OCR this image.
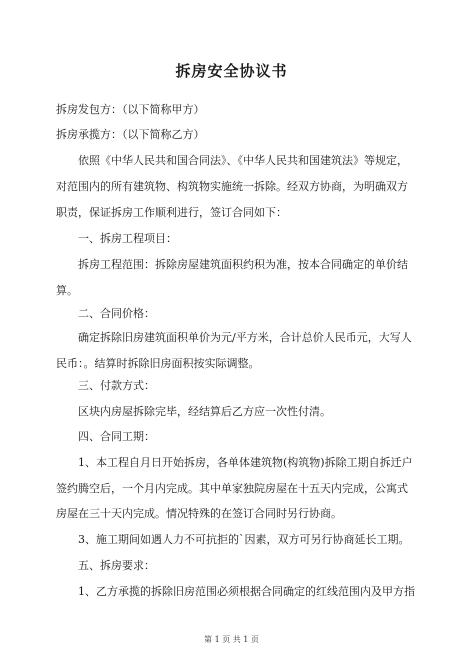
拆房安全协议书
拆房发包方：（以下简称甲方）
拆房承揽方：（以下简称乙方）
依照《中华人民共和国合同法》、《中华人民共和国建筑法》等规定，
对范围内的所有建筑物、构筑物实施统一拆除。经双方协商，为明确双方
职责，保证拆房工作顺利进行，签订合同如下：
一、拆房工程项目：
拆房工程范围：拆除房屋建筑面积约积为准，按本合同确定的单价结
算。
二、合同价格：
确定拆除旧房建筑面积单价为元/平方米，合计总价人民币元，大写人
民币：。结算时拆除旧房面积按实际调整。
三、付款方式：
区块内房屋拆除完毕，经结算后乙方应一次性付清。
四、合同工期：
1、本工程自月日开始拆房，各单体建筑物(构筑物)拆除工期自拆迁户
签约腾空后，一个月内完成。其中单家独院房屋在十五天内完成，公寓式
房屋在三十天内完成。情况特殊的在签订合同时另行协商。
3、施工期间如遇人力不可抗拒的`因素，双方可另行协商延长工期。
五、拆房要求：
1、乙方承揽的拆除旧房范围必须根据合同确定的红线范围内及甲方指
第 1 页 共 1 页
